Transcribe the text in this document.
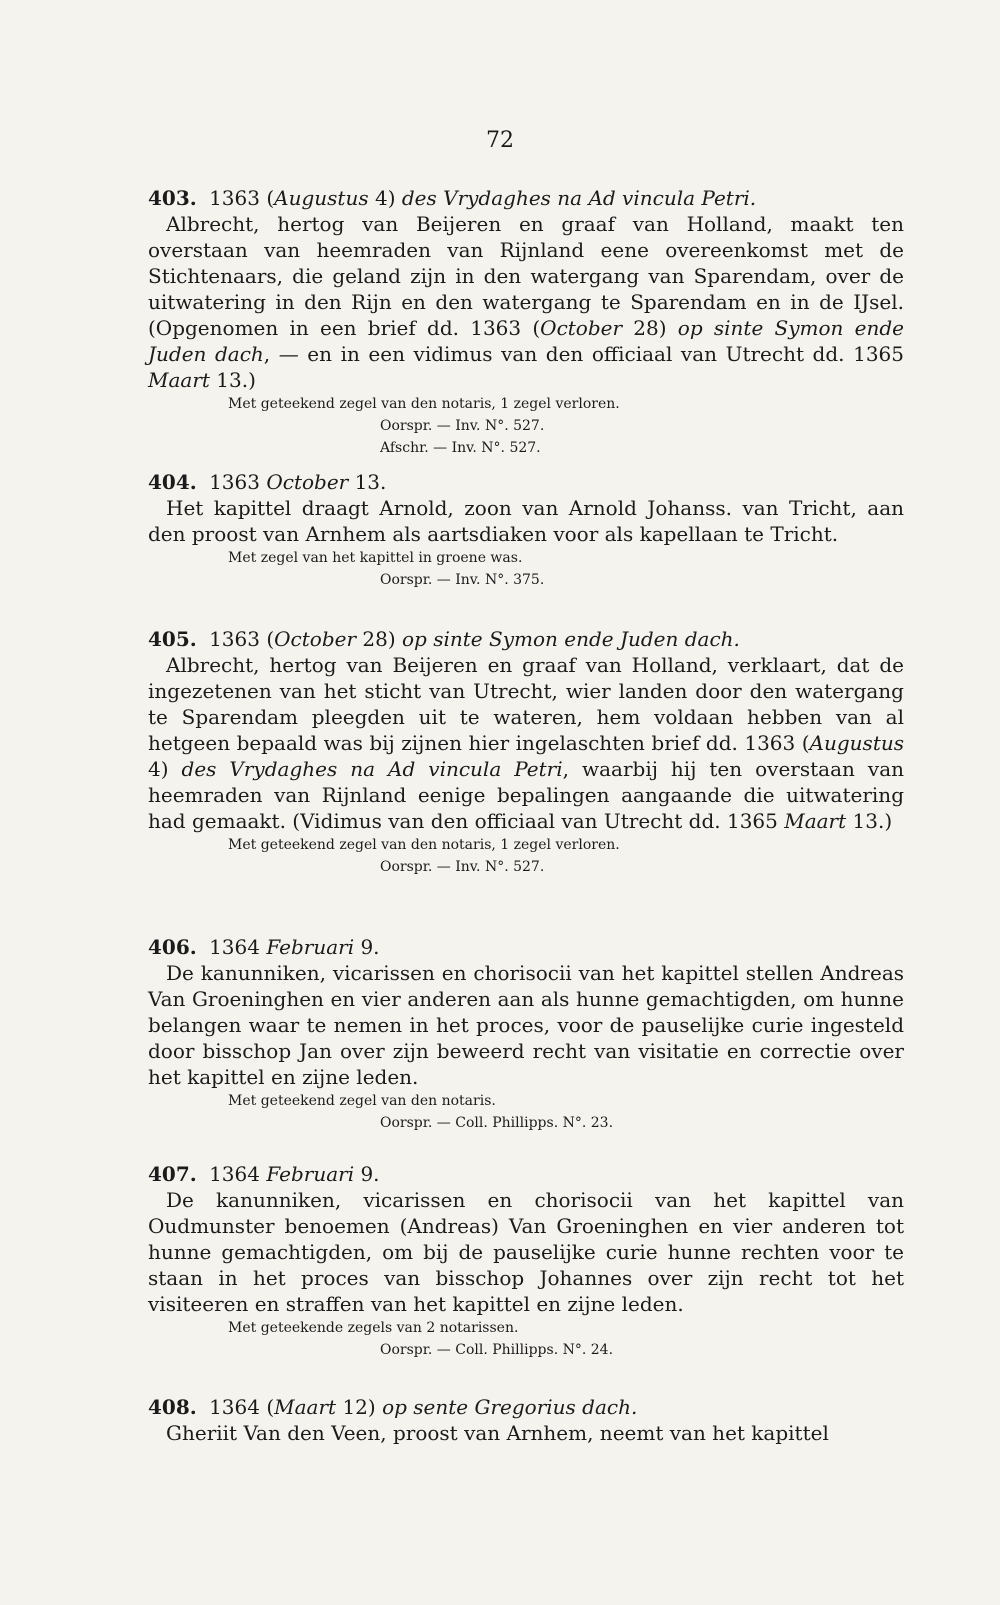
72
403. 1363 (Augustus 4) des Vrydaghes na Ad vincula Petri.
Albrecht, hertog van Beijeren en graaf van Holland, maakt ten overstaan van heemraden van Rijnland eene overeenkomst met de Stichtenaars, die geland zijn in den watergang van Sparendam, over de uitwatering in den Rijn en den watergang te Sparendam en in de IJsel. (Opgenomen in een brief dd. 1363 (October 28) op sinte Symon ende Juden dach, — en in een vidimus van den officiaal van Utrecht dd. 1365 Maart 13.)
Met geteekend zegel van den notaris, 1 zegel verloren.
Oorspr. — Inv. N°. 527.
Afschr. — Inv. N°. 527.
404. 1363 October 13.
Het kapittel draagt Arnold, zoon van Arnold Johanss. van Tricht, aan den proost van Arnhem als aartsdiaken voor als kapellaan te Tricht.
Met zegel van het kapittel in groene was.
Oorspr. — Inv. N°. 375.
405. 1363 (October 28) op sinte Symon ende Juden dach.
Albrecht, hertog van Beijeren en graaf van Holland, verklaart, dat de ingezetenen van het sticht van Utrecht, wier landen door den watergang te Sparendam pleegden uit te wateren, hem voldaan hebben van al hetgeen bepaald was bij zijnen hier ingelaschten brief dd. 1363 (Augustus 4) des Vrydaghes na Ad vincula Petri, waarbij hij ten overstaan van heemraden van Rijnland eenige bepalingen aangaande die uitwatering had gemaakt. (Vidimus van den officiaal van Utrecht dd. 1365 Maart 13.)
Met geteekend zegel van den notaris, 1 zegel verloren.
Oorspr. — Inv. N°. 527.
406. 1364 Februari 9.
De kanunniken, vicarissen en chorisocii van het kapittel stellen Andreas Van Groeninghen en vier anderen aan als hunne gemachtigden, om hunne belangen waar te nemen in het proces, voor de pauselijke curie ingesteld door bisschop Jan over zijn beweerd recht van visitatie en correctie over het kapittel en zijne leden.
Met geteekend zegel van den notaris.
Oorspr. — Coll. Phillipps. N°. 23.
407. 1364 Februari 9.
De kanunniken, vicarissen en chorisocii van het kapittel van Oudmunster benoemen (Andreas) Van Groeninghen en vier anderen tot hunne gemachtigden, om bij de pauselijke curie hunne rechten voor te staan in het proces van bisschop Johannes over zijn recht tot het visiteeren en straffen van het kapittel en zijne leden.
Met geteekende zegels van 2 notarissen.
Oorspr. — Coll. Phillipps. N°. 24.
408. 1364 (Maart 12) op sente Gregorius dach.
Gheriit Van den Veen, proost van Arnhem, neemt van het kapittel
